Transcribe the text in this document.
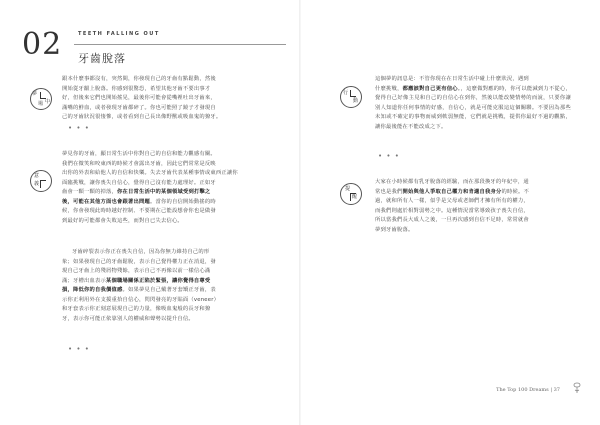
02	TEETH FALLING OUT
牙齒脫落
夢
中
場
跟本什麼事都沒有，突然間，你發現自己的牙齒有點鬆動，然後
開始從牙齦上脫落。你感到很驚恐，希望其他牙齒不要出事才
好，但後來它們也開始搖晃，最後你可能會從嘴裡吐出牙齒來，
滿嘴的鮮血，或者發現牙齒都碎了。你也可能照了鏡子才發現自
己的牙齒狀況很悽慘，或者看到自己長出像野獸或吸血鬼的獠牙。
• • •
意
義
夢見你的牙齒，顯日常生活中你對自己的自信和能力觀感有關。
我們在微笑和咬東西的時候才會露出牙齒，因此它們常常是反映
出你的外表和給他人的自信和快樂。失去牙齒代表某種事情或東西正讓你
面臨挑戰，讓你喪失自信心，覺得自己沒有能力處理好。正如牙
齒會一顆一顆的掉落，你在日常生活中的某個領域受到打擊之
後，可能在其他方面也會跟著出問題。當你的自信開始動搖的時
候，你會發現此時時越好控制、不要期在己能設想會你也是做發
到最好的可能都會失敗這些，而對自已失去信心。
牙齒碎裂表示你正在喪失自信，因為你無力維持自己的形
象；如果發現自己的牙齒鬆脫，表示自己覺得權力正在消退，發
現自己牙齒上的殘屑物殘餘，表示自己不再像以前一樣信心滿
滿；牙槽出血表示某個職場關係正陷於緊張，讓你覺得自尊受
損，降低你的自我價值感。如果夢見自己戴著牙套矯正牙齒，表
示你正利用外在支援重拾自信心，閃閃發亮的牙貼面（veneer）
和牙套表示你正刻意展現自己的力量，像吸血鬼般的長牙和獠
牙，表示你可能正依靠別人的權威和聲勢以提升自信。
• • •
行
動
這個夢的訊息是：不管你現在在日常生活中碰上什麼狀況，遇到
什麼挑戰，都應該對自己更有信心。，這麼做對應的時，你可以能減到力不從心，覺得自己好像主見和自己的自信心在到你，然後以能改變情勢的而說，只要你讓別人知道你任何事情的好感，自信心，就是可能克服這這個關聯。不要因為那些未知或不確定的事物而威到軟弱無能，它們就是挑戰，提供你最好不過的觀點，讓你最後能在不能改成之下。
• • •
提
醒
大家在小時候都有乳牙脫落的經驗，而在那段換牙的年紀中，通
常也是我們開始與他人爭取自己權力和肯適自我身分的時候。不
過，就和所有人一樣，似乎是父母或老師們才擁有所有的權力，
而我們則處於相對弱勢之中。這種情況當常導致孩子喪失自信，
所以當我們長大成人之後，一旦再次感到自信不足時，常常就會
夢到牙齒脫落。
The Top 100 Dreams | 37
